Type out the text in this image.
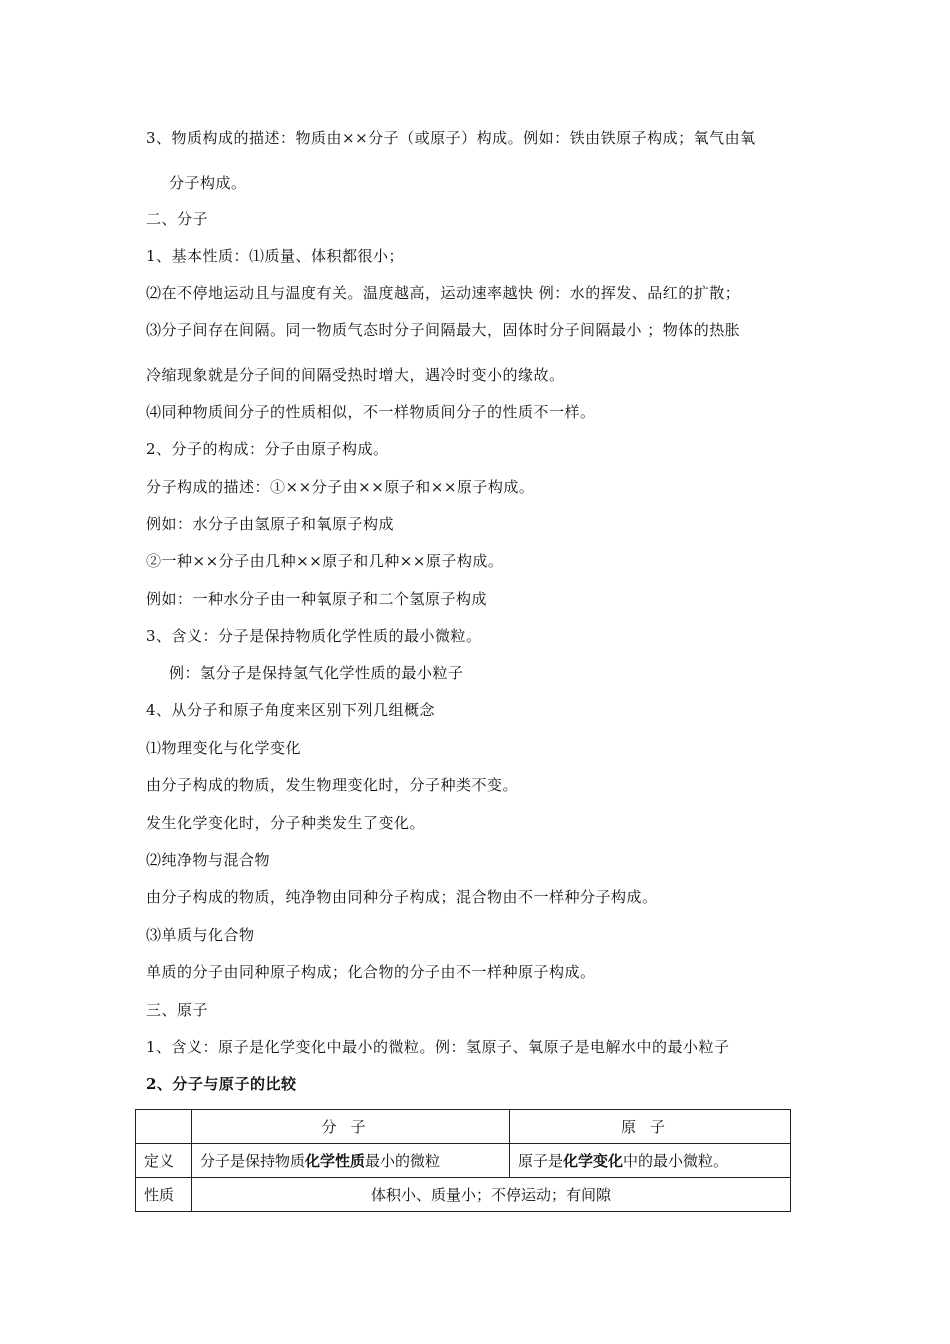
3、物质构成的描述：物质由××分子（或原子）构成。例如：铁由铁原子构成；氧气由氧

分子构成。

二、分子

1、基本性质：⑴质量、体积都很小；

⑵在不停地运动且与温度有关。温度越高，运动速率越快 例：水的挥发、品红的扩散；

⑶分子间存在间隔。同一物质气态时分子间隔最大，固体时分子间隔最小 ；物体的热胀

冷缩现象就是分子间的间隔受热时增大，遇冷时变小的缘故。

⑷同种物质间分子的性质相似，不一样物质间分子的性质不一样。

2、分子的构成：分子由原子构成。

分子构成的描述：①××分子由××原子和××原子构成。

例如：水分子由氢原子和氧原子构成

②一种××分子由几种××原子和几种××原子构成。

例如：一种水分子由一种氧原子和二个氢原子构成

3、含义：分子是保持物质化学性质的最小微粒。

例：氢分子是保持氢气化学性质的最小粒子

4、从分子和原子角度来区别下列几组概念

⑴物理变化与化学变化

由分子构成的物质，发生物理变化时，分子种类不变。

发生化学变化时，分子种类发生了变化。

⑵纯净物与混合物

由分子构成的物质，纯净物由同种分子构成；混合物由不一样种分子构成。

⑶单质与化合物

单质的分子由同种原子构成；化合物的分子由不一样种原子构成。

三、原子

1、含义：原子是化学变化中最小的微粒。例：氢原子、氧原子是电解水中的最小粒子

2、分子与原子的比较

	分子	原子
定义	分子是保持物质化学性质最小的微粒	原子是化学变化中的最小微粒。
性质	体积小、质量小；不停运动；有间隙	
